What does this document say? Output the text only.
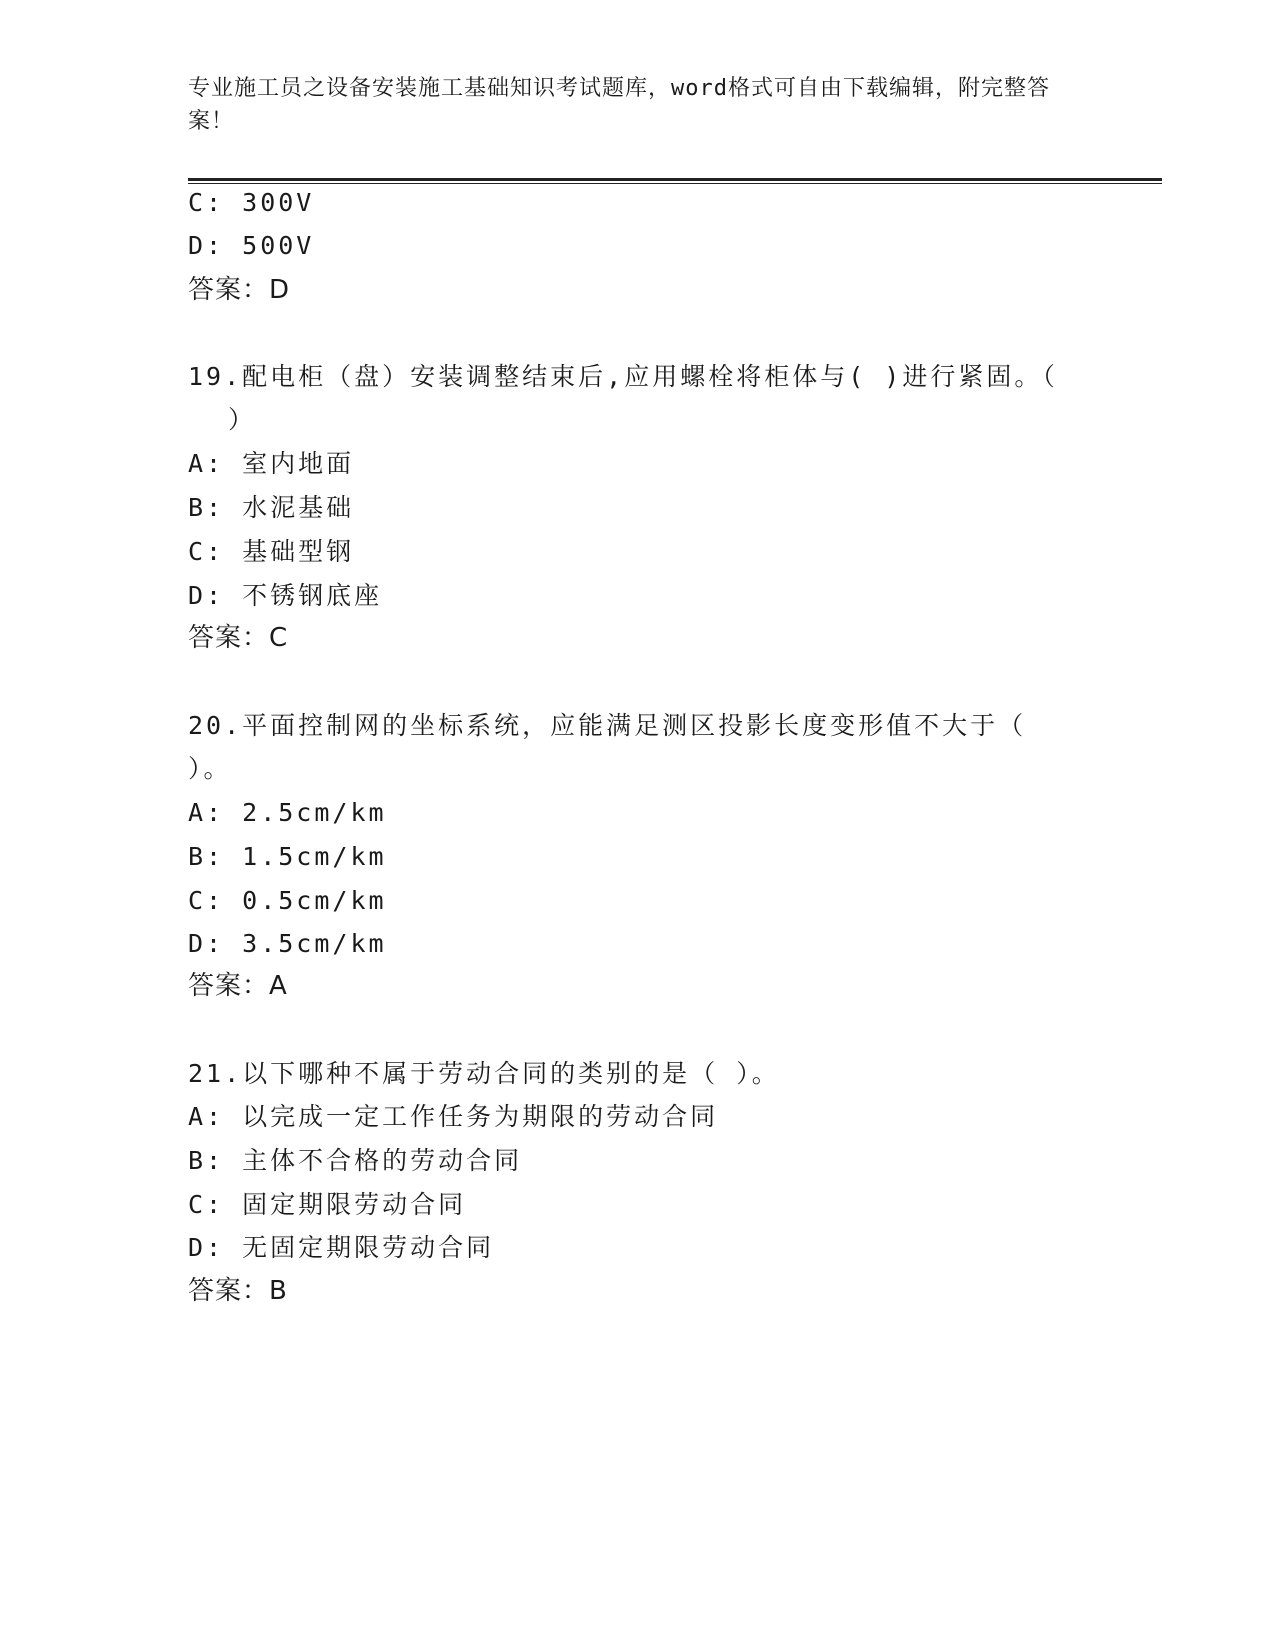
专业施工员之设备安装施工基础知识考试题库，word格式可自由下载编辑，附完整答案！
C: 300V
D: 500V
答案：D
19.配电柜（盘）安装调整结束后,应用螺栓将柜体与( )进行紧固。（
）
A: 室内地面
B: 水泥基础
C: 基础型钢
D: 不锈钢底座
答案：C
20.平面控制网的坐标系统，应能满足测区投影长度变形值不大于（
）。
A: 2.5cm/km
B: 1.5cm/km
C: 0.5cm/km
D: 3.5cm/km
答案：A
21.以下哪种不属于劳动合同的类别的是（ ）。
A: 以完成一定工作任务为期限的劳动合同
B: 主体不合格的劳动合同
C: 固定期限劳动合同
D: 无固定期限劳动合同
答案：B
